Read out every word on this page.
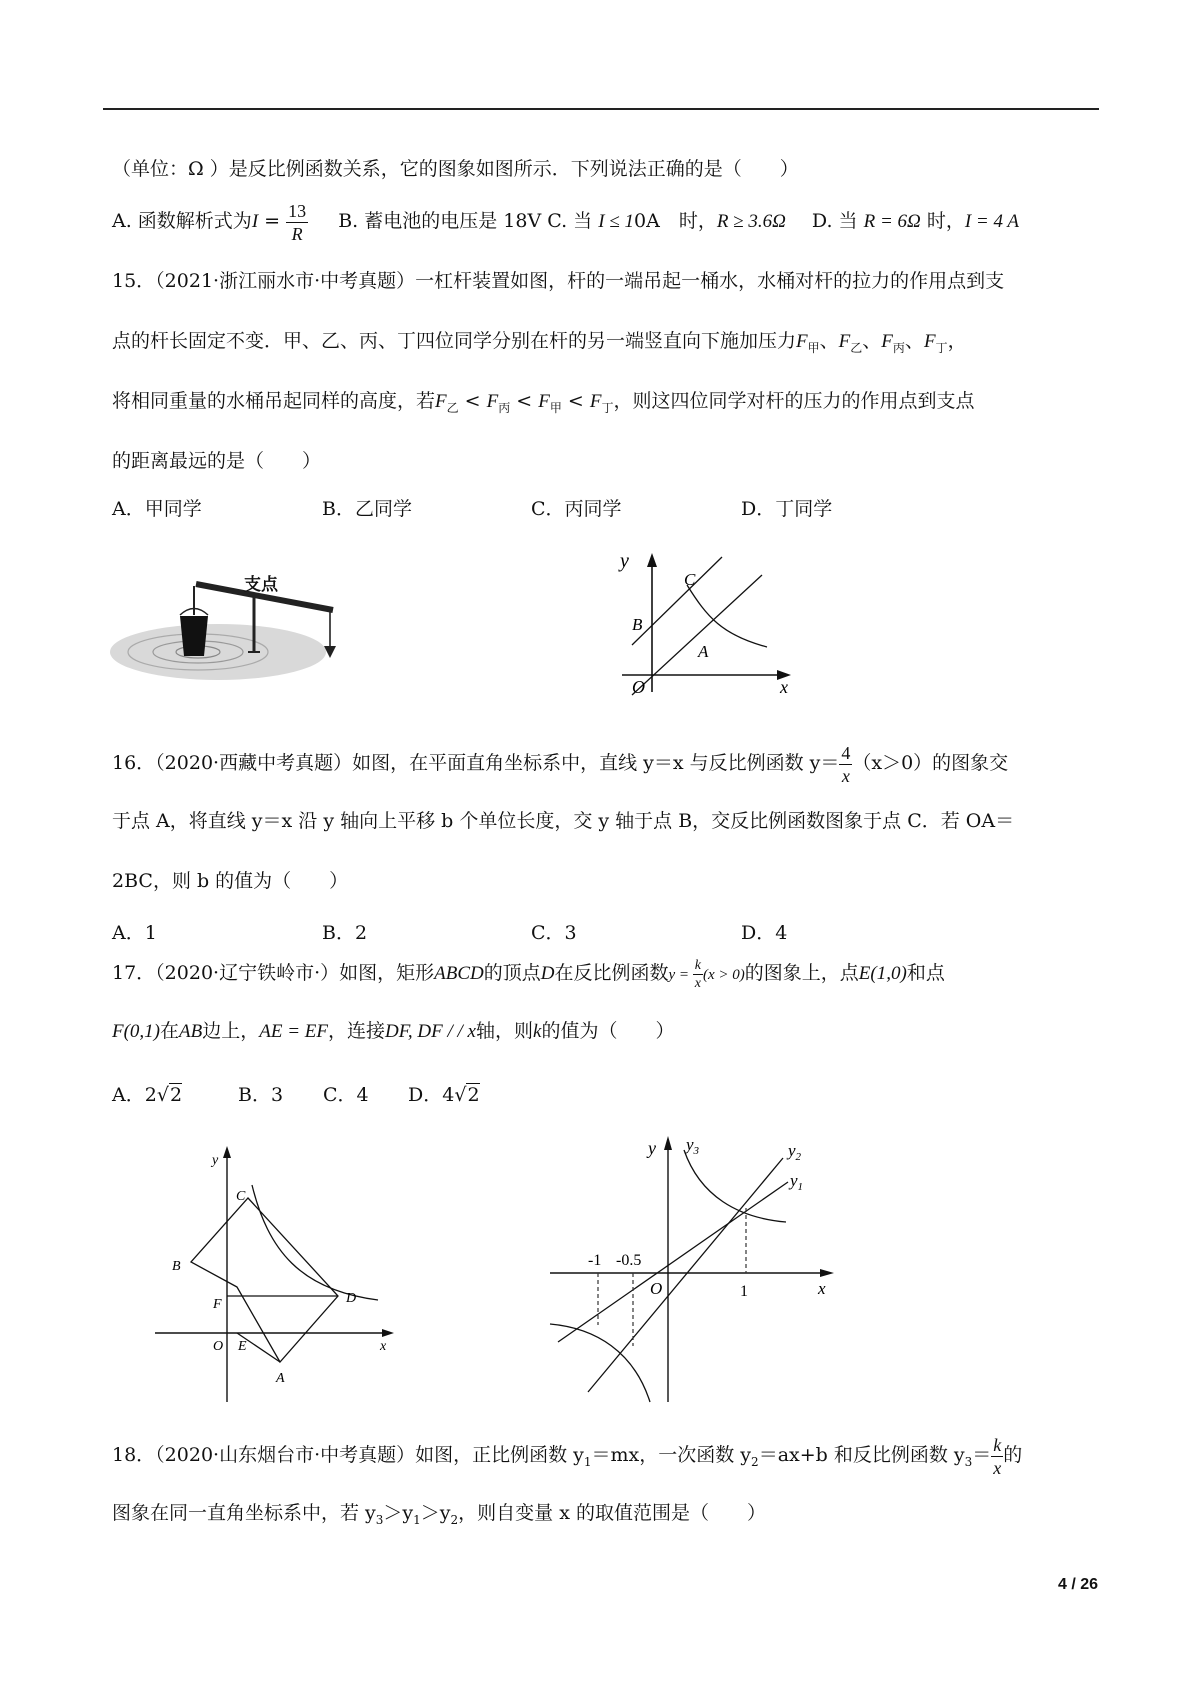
（单位：Ω ）是反比例函数关系，它的图象如图所示．下列说法正确的是（　　）
A. 函数解析式为$I = \frac{13}{R} B$. 蓄电池的电压是 18V C. 当 I ≤ 10A　 时，R ≥ 3.6Ω D. 当 R = 6Ω 时，I = 4 A
15．（2021·浙江丽水市·中考真题）一杠杆装置如图，杆的一端吊起一桶水，水桶对杆的拉力的作用点到支
点的杆长固定不变．甲、乙、丙、丁四位同学分别在杆的另一端竖直向下施加压力$F_甲$、$F_乙$、$F_丙$、$F_丁$，
将相同重量的水桶吊起同样的高度，若$F_乙 < F_丙 < F_甲 < F_丁$，则这四位同学对杆的压力的作用点到支点
的距离最远的是（　　）
A．甲同学	B．乙同学	C．丙同学	D．丁同学
支点
y
x
O
A
B
C
16．（2020·西藏中考真题）如图，在平面直角坐标系中，直线 y＝x 与反比例函数 $y= \frac{4}{x} (x>0)$的图象交
于点 A，将直线 y＝x 沿 y 轴向上平移 b 个单位长度，交 y 轴于点 B，交反比例函数图象于点 C．若 OA＝
2BC，则 b 的值为（　　）
A．1	B．2	C．3	D．4
17．（2020·辽宁铁岭市·）如图，矩形ABCD的顶点D在反比例函数$y = \frac{k}{x} (x > 0)$的图象上，点E(1,0)和点
F(0,1)在AB边上，AE = EF，连接DF, DF / / x轴，则k的值为（　　）
A．2√2	B．3 C．4 D．4√2
y
x
O E
F
B
C
D
A
y
x
O
-1 -0.5
1
$y_3$	$y_2$
$y_1$
18．（2020·山东烟台市·中考真题）如图，正比例函数 $y_1=mx$，一次函数 $y_2=ax+b$ 和反比例函数 $y_3= \frac{k}{x}$ 的
图象在同一直角坐标系中，若 $y_3>y_1>y_2$，则自变量 x 的取值范围是（　　）
4 / 26
